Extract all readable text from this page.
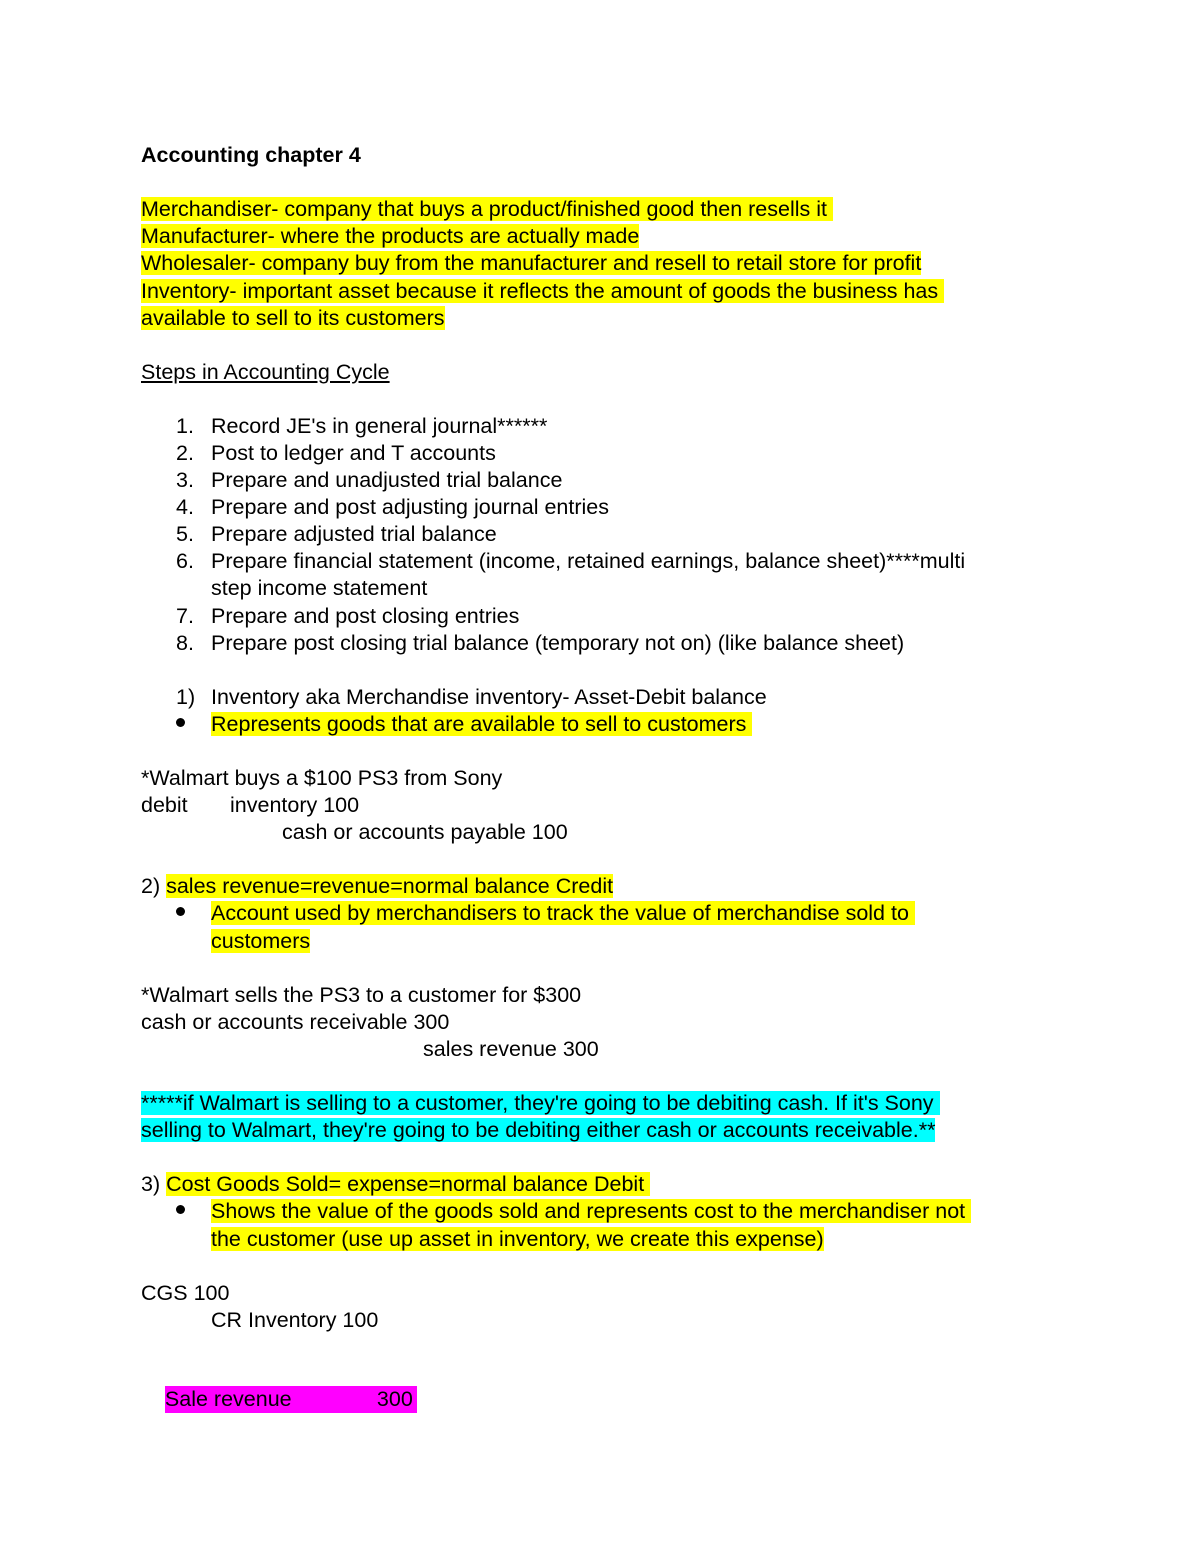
Accounting chapter 4
Merchandiser- company that buys a product/finished good then resells it
Manufacturer- where the products are actually made
Wholesaler- company buy from the manufacturer and resell to retail store for profit
Inventory- important asset because it reflects the amount of goods the business has
available to sell to its customers
Steps in Accounting Cycle
1. Record JE's in general journal******
2. Post to ledger and T accounts
3. Prepare and unadjusted trial balance
4. Prepare and post adjusting journal entries
5. Prepare adjusted trial balance
6. Prepare financial statement (income, retained earnings, balance sheet)****multi
step income statement
7. Prepare and post closing entries
8. Prepare post closing trial balance (temporary not on) (like balance sheet)
1) Inventory aka Merchandise inventory- Asset-Debit balance
Represents goods that are available to sell to customers
*Walmart buys a $100 PS3 from Sony
debit inventory 100
cash or accounts payable 100
2) sales revenue=revenue=normal balance Credit
Account used by merchandisers to track the value of merchandise sold to
customers
*Walmart sells the PS3 to a customer for $300
cash or accounts receivable 300
sales revenue 300
*****if Walmart is selling to a customer, they're going to be debiting cash. If it's Sony
selling to Walmart, they're going to be debiting either cash or accounts receivable.**
3) Cost Goods Sold= expense=normal balance Debit
Shows the value of the goods sold and represents cost to the merchandiser not
the customer (use up asset in inventory, we create this expense)
CGS 100
CR Inventory 100

Sale revenue	300
